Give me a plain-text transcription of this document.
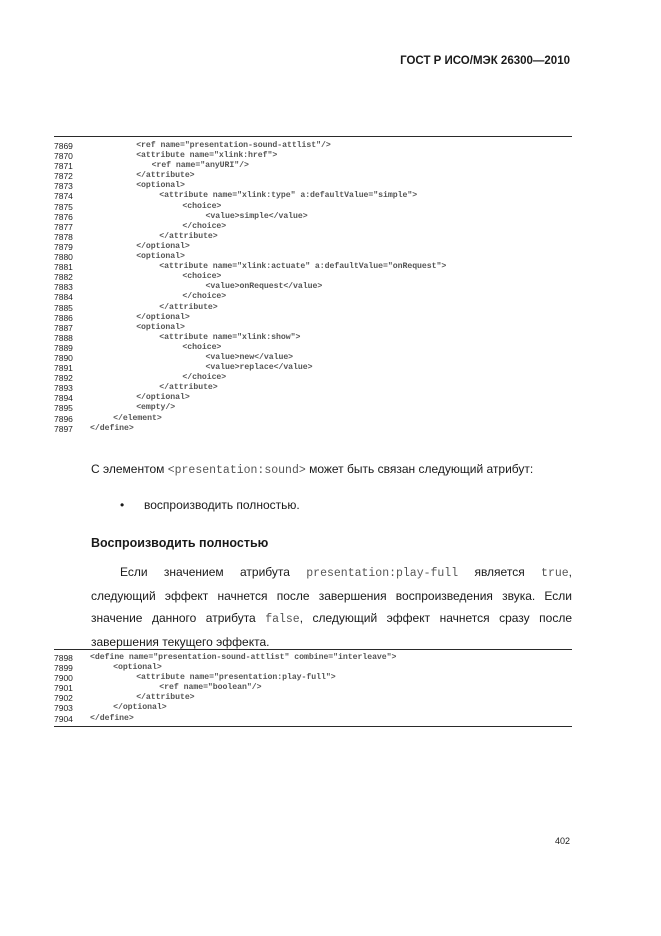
ГОСТ Р ИСО/МЭК 26300—2010
7869	<ref name="presentation-sound-attlist"/>
7870	<attribute name="xlink:href">
7871	<ref name="anyURI"/>
7872	</attribute>
7873	<optional>
7874	<attribute name="xlink:type" a:defaultValue="simple">
7875	<choice>
7876	<value>simple</value>
7877	</choice>
7878	</attribute>
7879	</optional>
7880	<optional>
7881	<attribute name="xlink:actuate" a:defaultValue="onRequest">
7882	<choice>
7883	<value>onRequest</value>
7884	</choice>
7885	</attribute>
7886	</optional>
7887	<optional>
7888	<attribute name="xlink:show">
7889	<choice>
7890	<value>new</value>
7891	<value>replace</value>
7892	</choice>
7893	</attribute>
7894	</optional>
7895	<empty/>
7896	</element>
7897	</define>
С элементом <presentation:sound> может быть связан следующий атрибут:
• воспроизводить полностью.
Воспроизводить полностью
Если значением атрибута presentation:play-full является true, следующий эффект начнется после завершения воспроизведения звука. Если значение данного атрибута false, следующий эффект начнется сразу после завершения текущего эффекта.
7898	<define name="presentation-sound-attlist" combine="interleave">
7899	<optional>
7900	<attribute name="presentation:play-full">
7901	<ref name="boolean"/>
7902	</attribute>
7903	</optional>
7904	</define>
402
